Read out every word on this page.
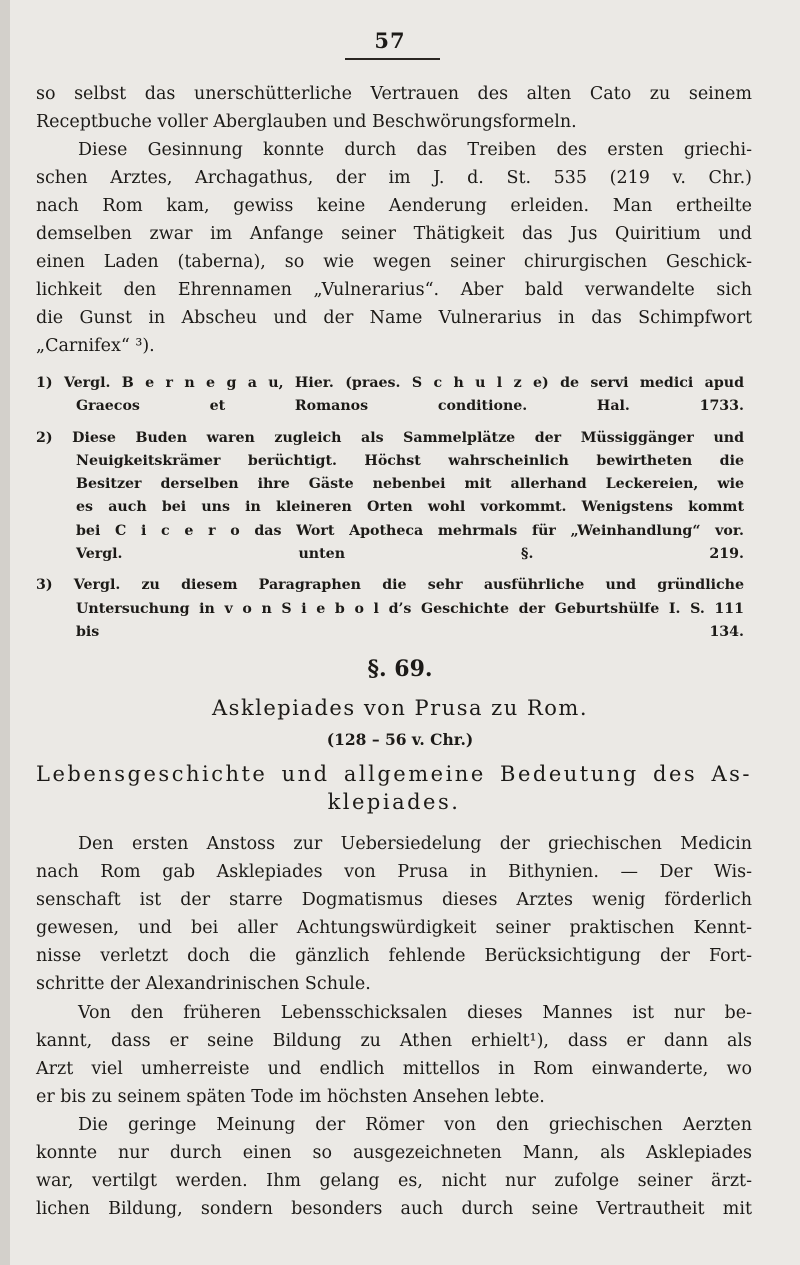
57
so selbst das unerschütterliche Vertrauen des alten Cato zu seinem
Receptbuche voller Aberglauben und Beschwörungsformeln.
Diese Gesinnung konnte durch das Treiben des ersten griechi-
schen Arztes, Archagathus, der im J. d. St. 535 (219 v. Chr.)
nach Rom kam, gewiss keine Aenderung erleiden. Man ertheilte
demselben zwar im Anfange seiner Thätigkeit das Jus Quiritium und
einen Laden (taberna), so wie wegen seiner chirurgischen Geschick-
lichkeit den Ehrennamen „Vulnerarius“. Aber bald verwandelte sich
die Gunst in Abscheu und der Name Vulnerarius in das Schimpfwort
„Carnifex“ ³).
1) Vergl. B e r n e g a u, Hier. (praes. S c h u l z e) de servi medici apud
Graecos et Romanos conditione. Hal. 1733.
2) Diese Buden waren zugleich als Sammelplätze der Müssiggänger und
Neuigkeitskrämer berüchtigt. Höchst wahrscheinlich bewirtheten die
Besitzer derselben ihre Gäste nebenbei mit allerhand Leckereien, wie
es auch bei uns in kleineren Orten wohl vorkommt. Wenigstens kommt
bei C i c e r o das Wort Apotheca mehrmals für „Weinhandlung“ vor.
Vergl. unten §. 219.
3) Vergl. zu diesem Paragraphen die sehr ausführliche und gründliche
Untersuchung in v o n S i e b o l d’s Geschichte der Geburtshülfe I. S. 111
bis 134.
§. 69.
Asklepiades von Prusa zu Rom.
(128 – 56 v. Chr.)
Lebensgeschichte und allgemeine Bedeutung des As-
klepiades.
Den ersten Anstoss zur Uebersiedelung der griechischen Medicin
nach Rom gab Asklepiades von Prusa in Bithynien. — Der Wis-
senschaft ist der starre Dogmatismus dieses Arztes wenig förderlich
gewesen, und bei aller Achtungswürdigkeit seiner praktischen Kennt-
nisse verletzt doch die gänzlich fehlende Berücksichtigung der Fort-
schritte der Alexandrinischen Schule.
Von den früheren Lebensschicksalen dieses Mannes ist nur be-
kannt, dass er seine Bildung zu Athen erhielt¹), dass er dann als
Arzt viel umherreiste und endlich mittellos in Rom einwanderte, wo
er bis zu seinem späten Tode im höchsten Ansehen lebte.
Die geringe Meinung der Römer von den griechischen Aerzten
konnte nur durch einen so ausgezeichneten Mann, als Asklepiades
war, vertilgt werden. Ihm gelang es, nicht nur zufolge seiner ärzt-
lichen Bildung, sondern besonders auch durch seine Vertrautheit mit
